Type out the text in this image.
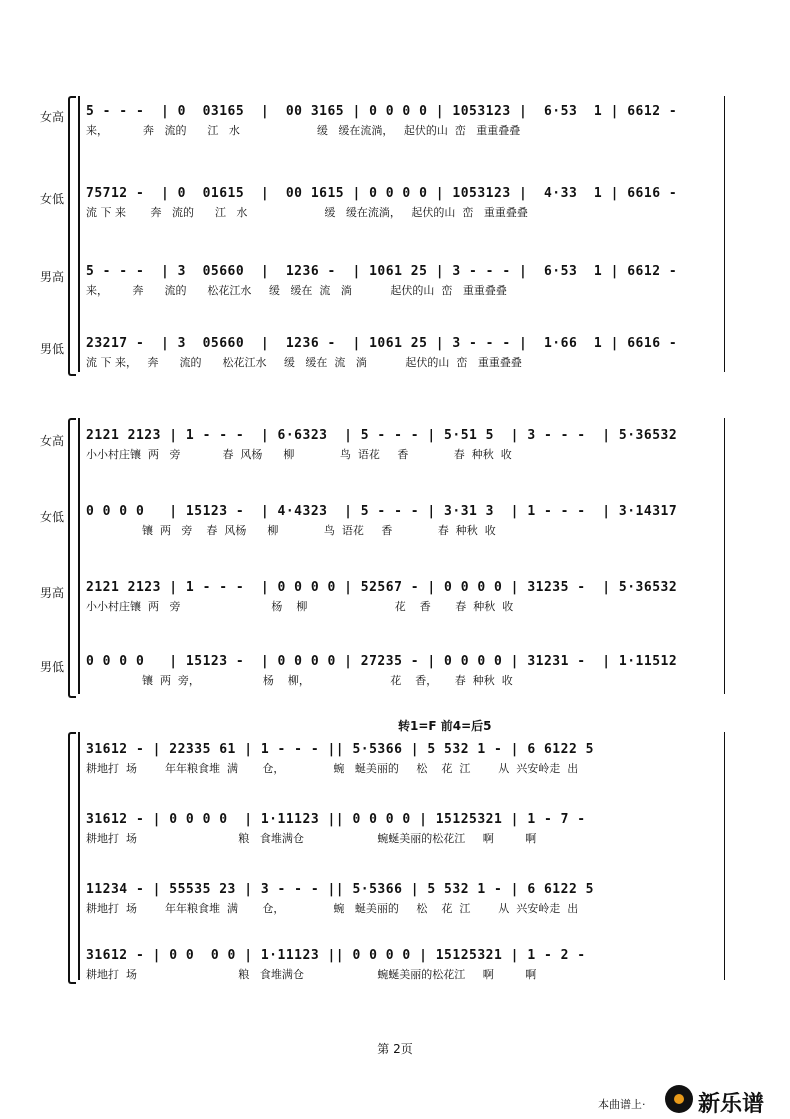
女高 5 - - -  | 0  03165  |  00 3165 | 0 0 0 0 | 1053123 |  6·53  1 | 6612 -
来，          奔   流的      江   水                      缓   缓在流淌，   起伏的山  峦   重重叠叠
女低 75712 -  | 0  01615  |  00 1615 | 0 0 0 0 | 1053123 |  4·33  1 | 6616 -
流 下 来       奔   流的      江   水                      缓   缓在流淌，   起伏的山  峦   重重叠叠
男高 5 - - -  | 3  05660  |  1236 -  | 1061 25 | 3 - - - |  6·53  1 | 6612 -
来，       奔      流的      松花江水     缓   缓在  流   淌           起伏的山  峦   重重叠叠
男低 23217 -  | 3  05660  |  1236 -  | 1061 25 | 3 - - - |  1·66  1 | 6616 -
流 下 来，   奔      流的      松花江水     缓   缓在  流   淌           起伏的山  峦   重重叠叠
女高 2121 2123 | 1 - - -  | 6·6323  | 5 - - - | 5·51 5  | 3 - - -  | 5·36532
小小村庄镶  两   旁            春  风杨      柳             鸟  语花     香             春  种秋  收
女低 0 0 0 0   | 15123 -  | 4·4323  | 5 - - - | 3·31 3  | 1 - - -  | 3·14317
镶  两   旁    春  风杨      柳             鸟  语花     香             春  种秋  收
男高 2121 2123 | 1 - - -  | 0 0 0 0 | 52567 - | 0 0 0 0 | 31235 -  | 5·36532
小小村庄镶  两   旁                          杨    柳                         花    香       春  种秋  收
男低 0 0 0 0   | 15123 -  | 0 0 0 0 | 27235 - | 0 0 0 0 | 31231 -  | 1·11512
镶  两  旁，                  杨    柳，                       花    香，     春  种秋  收
转1=F 前4=后5
31612 - | 22335 61 | 1 - - - || 5·5366 | 5 532 1 - | 6 6122 5
耕地打  场        年年粮食堆  满       仓，              蜿   蜒美丽的     松    花  江        从  兴安岭走  出
31612 - | 0 0 0 0  | 1·11123 || 0 0 0 0 | 15125321 | 1 - 7 -
耕地打  场                             粮   食堆满仓                     蜿蜒美丽的松花江     啊         啊
11234 - | 55535 23 | 3 - - - || 5·5366 | 5 532 1 - | 6 6122 5
耕地打  场        年年粮食堆  满       仓，              蜿   蜒美丽的     松    花  江        从  兴安岭走  出
31612 - | 0 0  0 0 | 1·11123 || 0 0 0 0 | 15125321 | 1 - 2 -
耕地打  场                             粮   食堆满仓                     蜿蜒美丽的松花江     啊         啊
第 2页
本曲谱上· 新乐谱
